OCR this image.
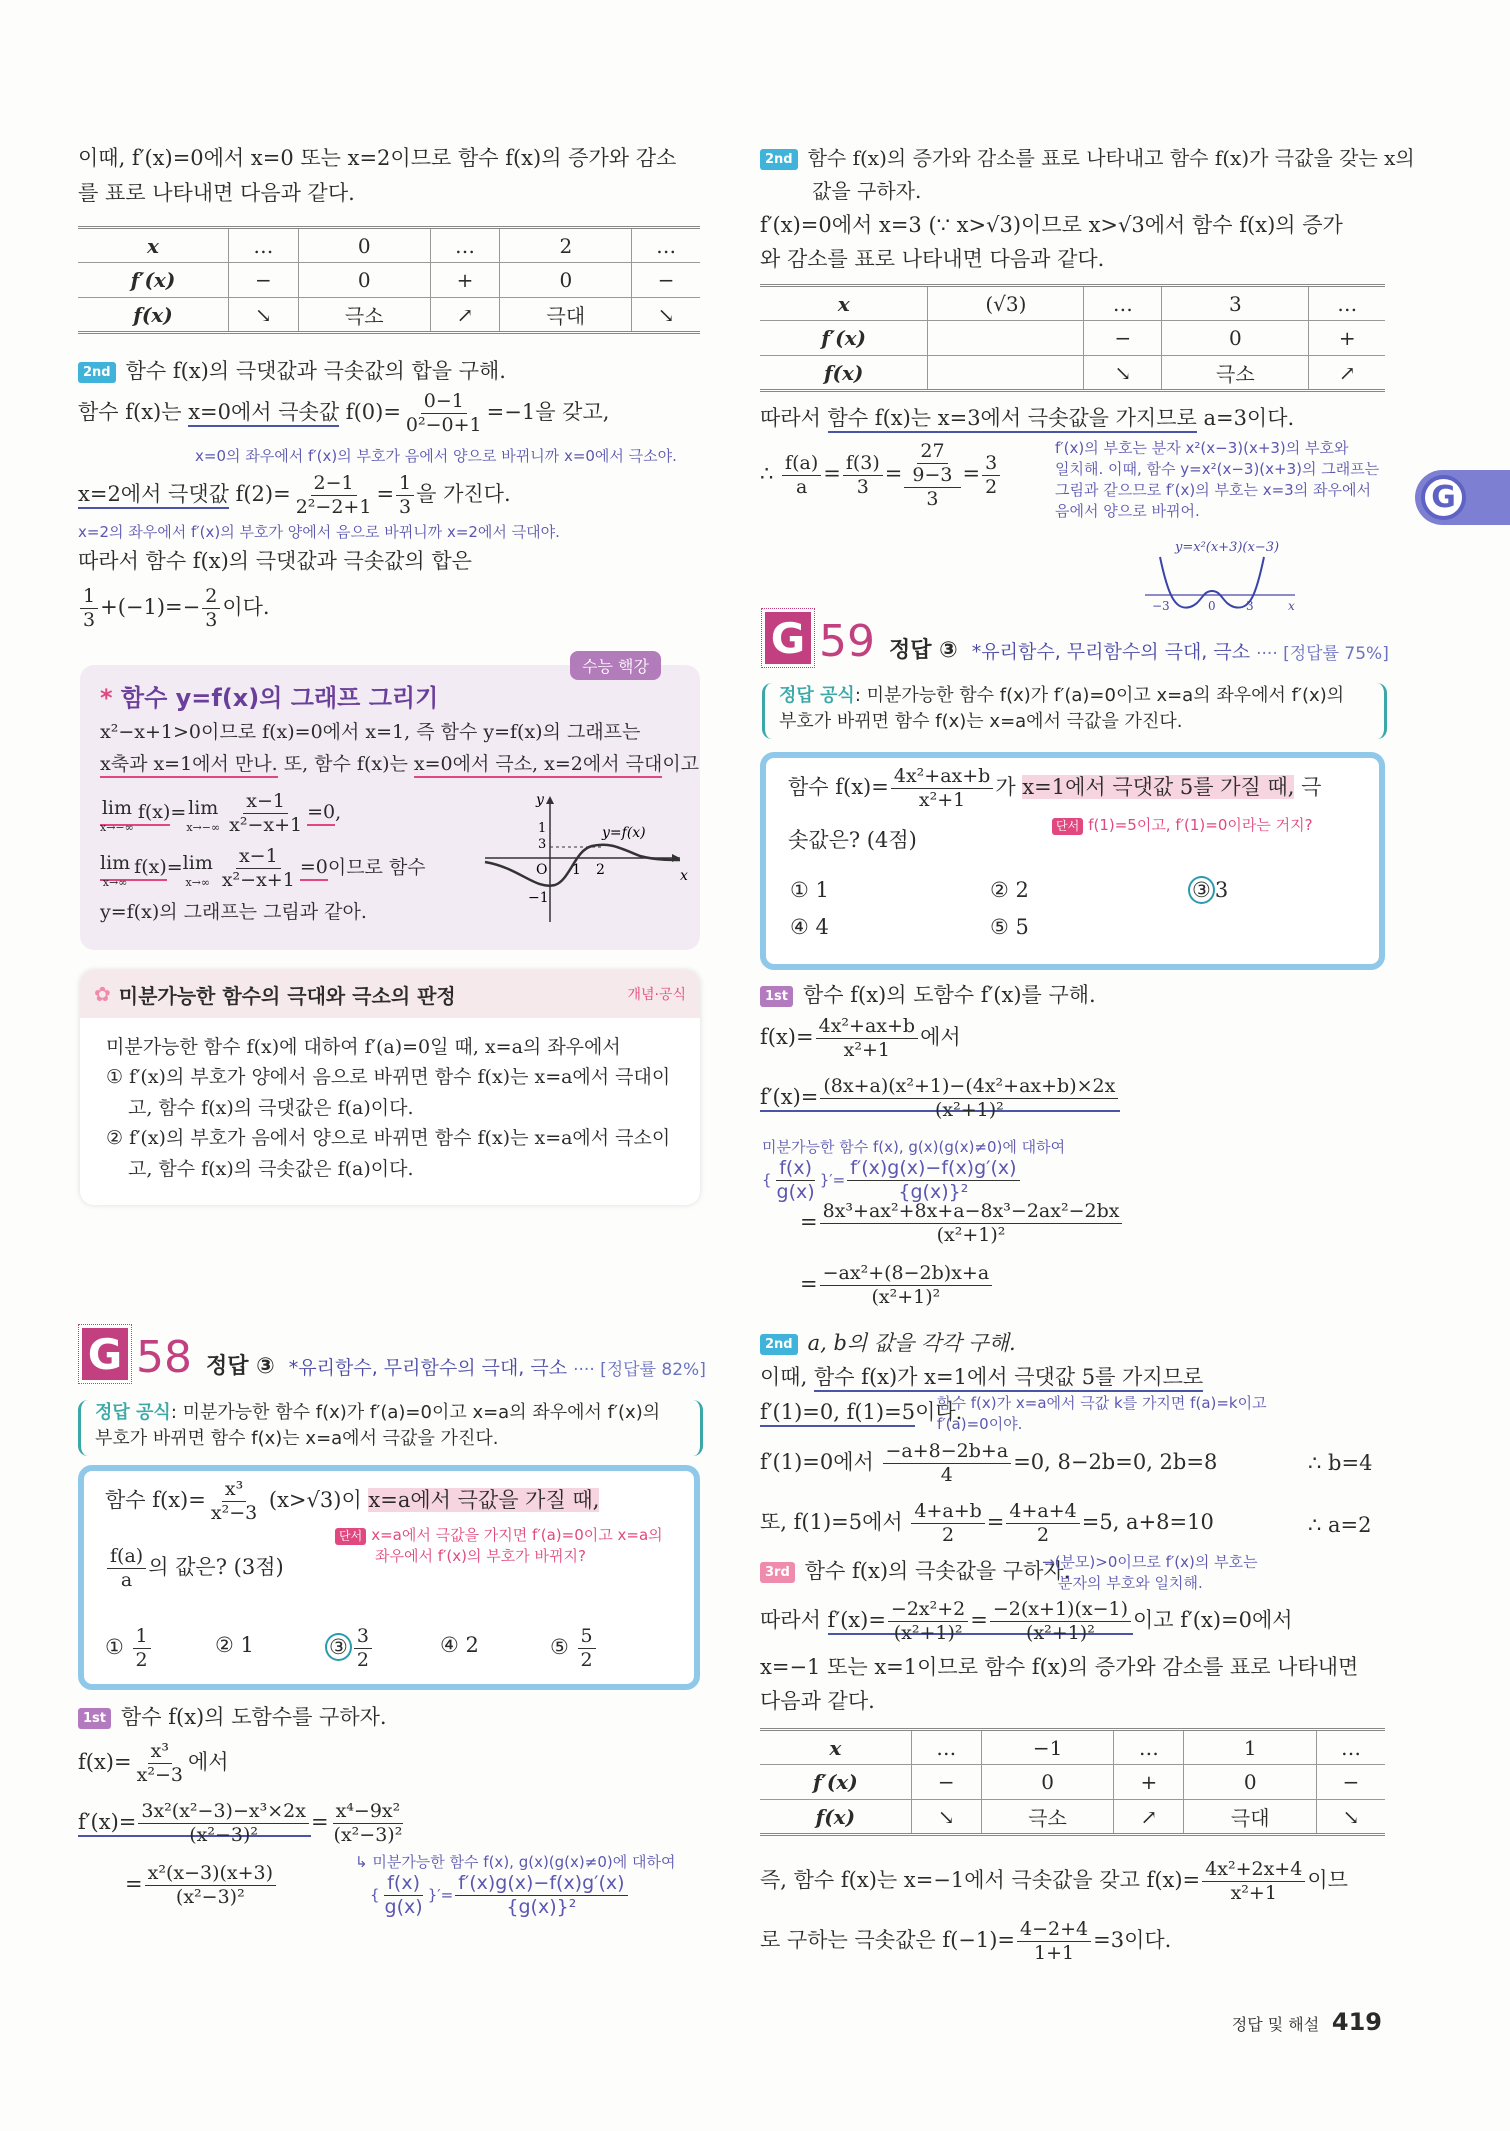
이때, f′(x)=0에서 x=0 또는 x=2이므로 함수 f(x)의 증가와 감소
를 표로 나타내면 다음과 같다.
x	…	0	…	2	…
f′(x)	−	0	+	0	−
f(x)	↘	극소	↗	극대	↘
2nd 함수 f(x)의 극댓값과 극솟값의 합을 구해.
함수 f(x)는 x=0에서 극솟값 $f(0)= \frac{0-1}{\text{0²−0+1}} =-1$을 갖고,
x=0의 좌우에서 f′(x)의 부호가 음에서 양으로 바뀌니까 x=0에서 극소야.
x=2에서 극댓값 $f(2)= \frac{2-1}{\text{2²−2+1}} = \frac{1}{3}$ 을 가진다.
x=2의 좌우에서 f′(x)의 부호가 양에서 음으로 바뀌니까 x=2에서 극대야.
따라서 함수 f(x)의 극댓값과 극솟값의 합은
$\frac{1}{3} +(-1)=- \frac{2}{3}$ 이다.
수능 핵강
* 함수 y=f(x)의 그래프 그리기
x²−x+1>0이므로 f(x)=0에서 x=1, 즉 함수 y=f(x)의 그래프는
x축과 x=1에서 만나. 또, 함수 f(x)는 x=0에서 극소, x=2에서 극대이고
lim
x→−∞
f(x)= lim
$x\to-\infty \frac{x-1}{\text{x²−x+1}} =0$,
lim
x→∞
f(x)= lim
$x\to\infty \frac{x-1}{\text{x²−x+1}} =0$이므로 함수
y=f(x)의 그래프는 그림과 같아.
y
x
O 1 2
1
3
−1
y=f(x)
✿ 미분가능한 함수의 극대와 극소의 판정	개념·공식
미분가능한 함수 f(x)에 대하여 f′(a)=0일 때, x=a의 좌우에서
① f′(x)의 부호가 양에서 음으로 바뀌면 함수 f(x)는 x=a에서 극대이
고, 함수 f(x)의 극댓값은 f(a)이다.
② f′(x)의 부호가 음에서 양으로 바뀌면 함수 f(x)는 x=a에서 극소이
고, 함수 f(x)의 극솟값은 f(a)이다.
G 58 정답 ③ *유리함수, 무리함수의 극대, 극소 ···· [정답률 82%]
정답 공식: 미분가능한 함수 f(x)가 f′(a)=0이고 x=a의 좌우에서 f′(x)의
부호가 바뀌면 함수 f(x)는 x=a에서 극값을 가진다.
함수 $f(x)= \frac{\text{x³}}{\text{x²−3}} (x>√3)$이 x=a에서 극값을 가질 때,
단서 x=a에서 극값을 가지면 f′(a)=0이고 x=a의
좌우에서 f′(x)의 부호가 바뀌지?
$\frac{f(a)}{a}$ 의 값은? (3점)
① $\frac{1}{2}$	② 1	③ $\frac{3}{2}$	④ 2	⑤ $\frac{5}{2}$
1st 함수 f(x)의 도함수를 구하자.
$f(x)= \frac{\text{x³}}{\text{x²−3}}$ 에서
$f'(x)= \frac{\text{3x²(x²−3)−x³×2x}}{\text{(x²−3)²}} = \frac{\text{x⁴−9x²}}{\text{(x²−3)²}}$
= $\frac{\text{x²(x−3)(x+3)}}{\text{(x²−3)²}}$	↳ 미분가능한 함수 f(x), g(x)(g(x)≠0)에 대하여
{ $\frac{f(x)}{g(x)}$ }′= $\frac{f'(x)g(x)-f(x)g'(x)}{\text{\{g(x)\}²}}$
2nd 함수 f(x)의 증가와 감소를 표로 나타내고 함수 f(x)가 극값을 갖는 x의
값을 구하자.
f′(x)=0에서 x=3 (∵ x>√3)이므로 x>√3에서 함수 f(x)의 증가
와 감소를 표로 나타내면 다음과 같다.
x	(√3)	…	3	…
f′(x)		−	0	+
f(x)		↘	극소	↗
따라서 함수 f(x)는 x=3에서 극솟값을 가지므로 a=3이다.
∴ $\frac{f(a)}{a} = \frac{f(3)}{3} = \frac{\frac{27}{9-3}}{3} = \frac{3}{2}$
f′(x)의 부호는 분자 x²(x−3)(x+3)의 부호와
일치해. 이때, 함수 y=x²(x−3)(x+3)의 그래프는
그림과 같으므로 f′(x)의 부호는 x=3의 좌우에서
음에서 양으로 바뀌어.
y=x²(x+3)(x−3)
−3	0	3	x
G
G 59 정답 ③ *유리함수, 무리함수의 극대, 극소 ···· [정답률 75%]
정답 공식: 미분가능한 함수 f(x)가 f′(a)=0이고 x=a의 좌우에서 f′(x)의
부호가 바뀌면 함수 f(x)는 x=a에서 극값을 가진다.
함수 $f(x)= \frac{\text{4x²+ax+b}}{\text{x²+1}}$ 가 x=1에서 극댓값 5를 가질 때, 극
단서 f(1)=5이고, f′(1)=0이라는 거지?
솟값은? (4점)
① 1	② 2	③ 3
④ 4	⑤ 5
1st 함수 f(x)의 도함수 f′(x)를 구해.
$f(x)= \frac{\text{4x²+ax+b}}{\text{x²+1}}$ 에서
$f'(x)= \frac{\text{(8x+a)(x²+1)−(4x²+ax+b)×2x}}{\text{(x²+1)²}}$
미분가능한 함수 f(x), g(x)(g(x)≠0)에 대하여
{ $\frac{f(x)}{g(x)}$ }′= $\frac{f'(x)g(x)-f(x)g'(x)}{\text{\{g(x)\}²}}$
= $\frac{\text{8x³+ax²+8x+a−8x³−2ax²−2bx}}{\text{(x²+1)²}}$
= $\frac{\text{−ax²+(8−2b)x+a}}{\text{(x²+1)²}}$
2nd a, b의 값을 각각 구해.
이때, 함수 f(x)가 x=1에서 극댓값 5를 가지므로
f′(1)=0, f(1)=5이다.
함수 f(x)가 x=a에서 극값 k를 가지면 f(a)=k이고
f′(a)=0이야.
f′(1)=0에서 $\frac{-a+8-2b+a}{4} =0$, 8−2b=0, 2b=8	∴ b=4
또, f(1)=5에서 $\frac{4+a+b}{2} = \frac{4+a+4}{2} =5$, a+8=10	∴ a=2
3rd 함수 f(x)의 극솟값을 구하자.
→(분모)>0이므로 f′(x)의 부호는
분자의 부호와 일치해.
따라서 $f'(x)= \frac{\text{−2x²+2}}{\text{(x²+1)²}} = \frac{-2(x+1)(x-1)}{\text{(x²+1)²}}$ 이고 f′(x)=0에서
x=−1 또는 x=1이므로 함수 f(x)의 증가와 감소를 표로 나타내면
다음과 같다.
x	…	−1	…	1	…
f′(x)	−	0	+	0	−
f(x)	↘	극소	↗	극대	↘
즉, 함수 f(x)는 x=−1에서 극솟값을 갖고 $f(x)= \frac{\text{4x²+2x+4}}{\text{x²+1}}$ 이므
로 구하는 극솟값은 $f(-1)= \frac{4-2+4}{1+1} =3$이다.
정답 및 해설 419
